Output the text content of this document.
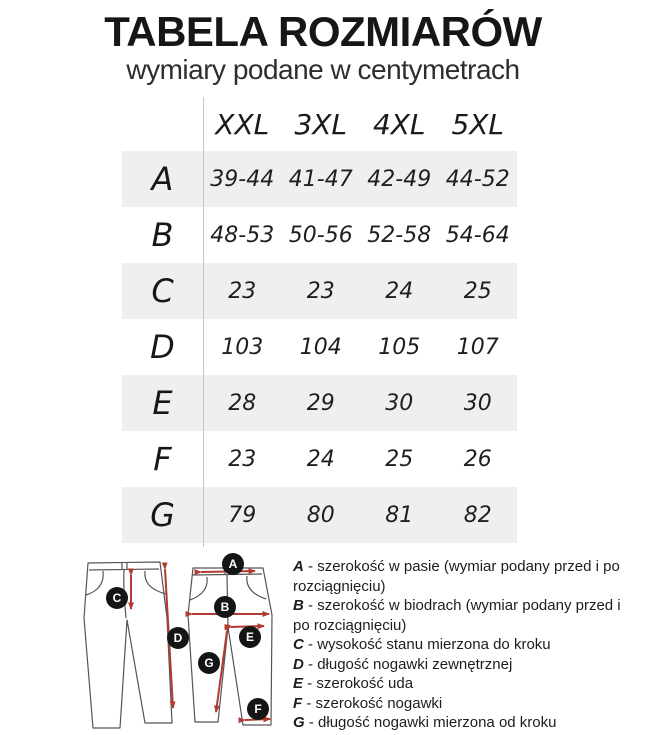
TABELA ROZMIARÓW
wymiary podane w centymetrach
XXL 3XL 4XL 5XL
A	39-44 41-47 42-49 44-52
B	48-53 50-56 52-58 54-64
C	23	23	24	25
D	103	104	105	107
E	28	29	30	30
F	23	24	25	26
G	79	80	81	82
A
B
C
D	E
F
G
A - szerokość w pasie (wymiar podany przed i po rozciągnięciu)
B - szerokość w biodrach (wymiar podany przed i po rozciągnięciu)
C - wysokość stanu mierzona do kroku
D - długość nogawki zewnętrznej
E - szerokość uda
F - szerokość nogawki
G - długość nogawki mierzona od kroku
